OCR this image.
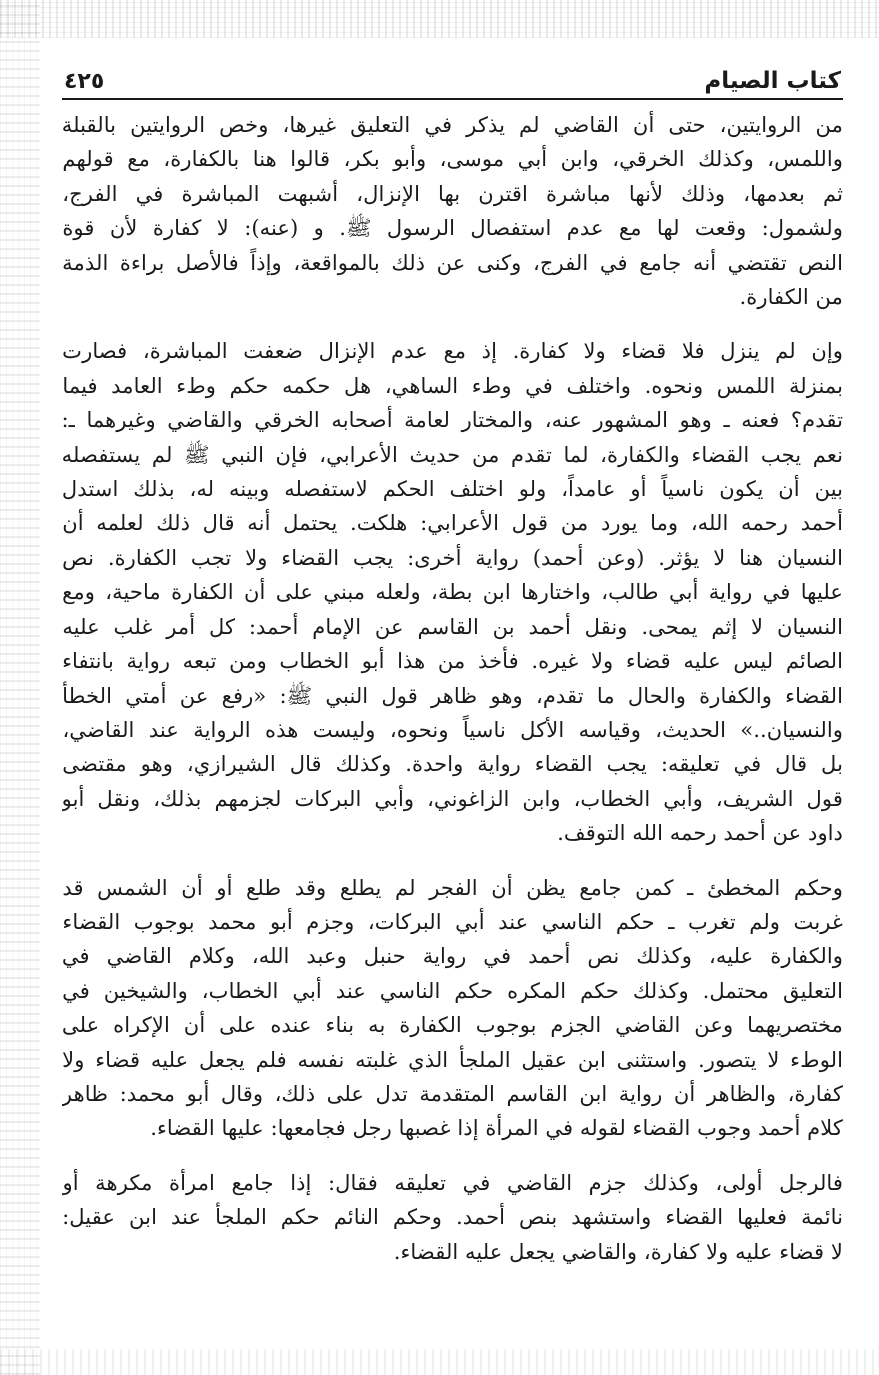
كتاب الصيام
٤٢٥

من الروايتين، حتى أن القاضي لم يذكر في التعليق غيرها، وخص الروايتين بالقبلة
واللمس، وكذلك الخرقي، وابن أبي موسى، وأبو بكر، قالوا هنا بالكفارة، مع قولهم
ثم بعدمها، وذلك لأنها مباشرة اقترن بها الإنزال، أشبهت المباشرة في الفرج،
ولشمول: وقعت لها مع عدم استفصال الرسول ﷺ. و (عنه): لا كفارة لأن قوة
النص تقتضي أنه جامع في الفرج، وكنى عن ذلك بالمواقعة، وإذاً فالأصل براءة الذمة
من الكفارة.

وإن لم ينزل فلا قضاء ولا كفارة. إذ مع عدم الإنزال ضعفت المباشرة، فصارت
بمنزلة اللمس ونحوه. واختلف في وطء الساهي، هل حكمه حكم وطء العامد فيما
تقدم؟ فعنه ـ وهو المشهور عنه، والمختار لعامة أصحابه الخرقي والقاضي وغيرهما ـ:
نعم يجب القضاء والكفارة، لما تقدم من حديث الأعرابي، فإن النبي ﷺ لم يستفصله
بين أن يكون ناسياً أو عامداً، ولو اختلف الحكم لاستفصله وبينه له، بذلك استدل
أحمد رحمه الله، وما يورد من قول الأعرابي: هلكت. يحتمل أنه قال ذلك لعلمه أن
النسيان هنا لا يؤثر. (وعن أحمد) رواية أخرى: يجب القضاء ولا تجب الكفارة. نص
عليها في رواية أبي طالب، واختارها ابن بطة، ولعله مبني على أن الكفارة ماحية، ومع
النسيان لا إثم يمحى. ونقل أحمد بن القاسم عن الإمام أحمد: كل أمر غلب عليه
الصائم ليس عليه قضاء ولا غيره. فأخذ من هذا أبو الخطاب ومن تبعه رواية بانتفاء
القضاء والكفارة والحال ما تقدم، وهو ظاهر قول النبي ﷺ: «رفع عن أمتي الخطأ
والنسيان..» الحديث، وقياسه الأكل ناسياً ونحوه، وليست هذه الرواية عند القاضي،
بل قال في تعليقه: يجب القضاء رواية واحدة. وكذلك قال الشيرازي، وهو مقتضى
قول الشريف، وأبي الخطاب، وابن الزاغوني، وأبي البركات لجزمهم بذلك، ونقل أبو
داود عن أحمد رحمه الله التوقف.

وحكم المخطئ ـ كمن جامع يظن أن الفجر لم يطلع وقد طلع أو أن الشمس قد
غربت ولم تغرب ـ حكم الناسي عند أبي البركات، وجزم أبو محمد بوجوب القضاء
والكفارة عليه، وكذلك نص أحمد في رواية حنبل وعبد الله، وكلام القاضي في
التعليق محتمل. وكذلك حكم المكره حكم الناسي عند أبي الخطاب، والشيخين في
مختصريهما وعن القاضي الجزم بوجوب الكفارة به بناء عنده على أن الإكراه على
الوطء لا يتصور. واستثنى ابن عقيل الملجأ الذي غلبته نفسه فلم يجعل عليه قضاء ولا
كفارة، والظاهر أن رواية ابن القاسم المتقدمة تدل على ذلك، وقال أبو محمد: ظاهر
كلام أحمد وجوب القضاء لقوله في المرأة إذا غصبها رجل فجامعها: عليها القضاء.

فالرجل أولى، وكذلك جزم القاضي في تعليقه فقال: إذا جامع امرأة مكرهة أو
نائمة فعليها القضاء واستشهد بنص أحمد. وحكم النائم حكم الملجأ عند ابن عقيل:
لا قضاء عليه ولا كفارة، والقاضي يجعل عليه القضاء.
